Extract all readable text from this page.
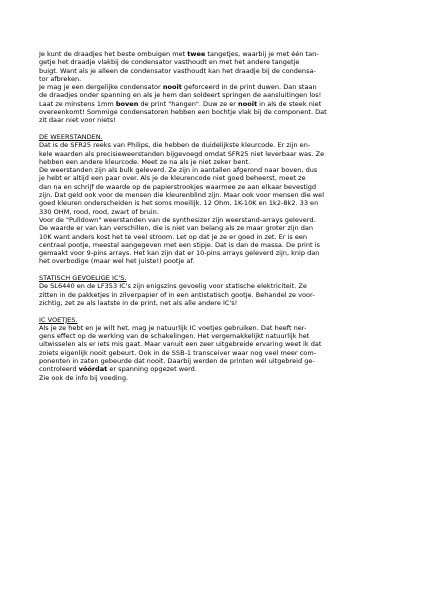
Je kunt de draadjes het beste ombuigen met twee tangetjes, waarbij je met één tan-
getje het draadje vlakbij de condensator vasthoudt en met het andere tangetje
buigt. Want als je alleen de condensator vasthoudt kan het draadje bij de condensa-
tor afbreken.
Je mag je een dergelijke condensator nooit geforceerd in de print duwen. Dan staan
de draadjes onder spanning en als je hem dan soldeert springen de aansluitingen los!
Laat ze minstens 1mm boven de print "hangen". Duw ze er nooit in als de steek niet
overeenkomt! Sommige condensatoren hebben een bochtje vlak bij de component. Dat
zit daar niet voor niets!
DE WEERSTANDEN.
Dat is de SFR25 reeks van Philips, die hebben de duidelijkste kleurcode. Er zijn en-
kele waarden als precisieweerstanden bijgevoegd omdat SFR25 niet leverbaar was. Ze
hebben een andere kleurcode. Meet ze na als je niet zeker bent.
De weerstanden zijn als bulk geleverd. Ze zijn in aantallen afgerond naar boven, dus
je hebt er altijd een paar over. Als je de kleurencode niet goed beheerst, meet ze
dan na en schrijf de waarde op de papierstrookjes waarmee ze aan elkaar bevestigd
zijn. Dat geld ook voor de mensen die kleurenblind zijn. Maar ook voor mensen die wel
goed kleuren onderscheiden is het soms moeilijk. 12 Ohm, 1K-10K en 1k2-8k2. 33 en
330 OHM, rood, rood, zwart of bruin.
Voor de "Pulldown" weerstanden van de synthesizer zijn weerstand-arrays geleverd.
De waarde er van kan verschillen, die is niet van belang als ze maar groter zijn dan
10K want anders kost het te veel stroom. Let op dat je ze er goed in zet. Er is een
centraal pootje, meestal aangegeven met een stipje. Dat is dan de massa. De print is
gemaakt voor 9-pins arrays. Het kan zijn dat er 10-pins arrays geleverd zijn, knip dan
het overbodige (maar wel het juiste!) pootje af.
STATISCH GEVOELIGE IC'S.
De SL6440 en de LF353 IC's zijn enigszins gevoelig voor statische elektriciteit. Ze
zitten in de pakketjes in zilverpapier of in een antistatisch gootje. Behandel ze voor-
zichtig, zet ze als laatste in de print, net als alle andere IC's!
IC VOETJES.
Als je ze hebt en je wilt het, mag je natuurlijk IC voetjes gebruiken. Dat heeft ner-
gens effect op de werking van de schakelingen. Het vergemakkelijkt natuurlijk het
uitwisselen als er iets mis gaat. Maar vanuit een zeer uitgebreide ervaring weet ik dat
zoiets eigenlijk nooit gebeurt. Ook in de SSB-1 transceiver waar nog veel meer com-
ponenten in zaten gebeurde dat nooit. Daarbij werden de printen wél uitgebreid ge-
controleerd vóórdat er spanning opgezet werd.
Zie ook de info bij voeding.
